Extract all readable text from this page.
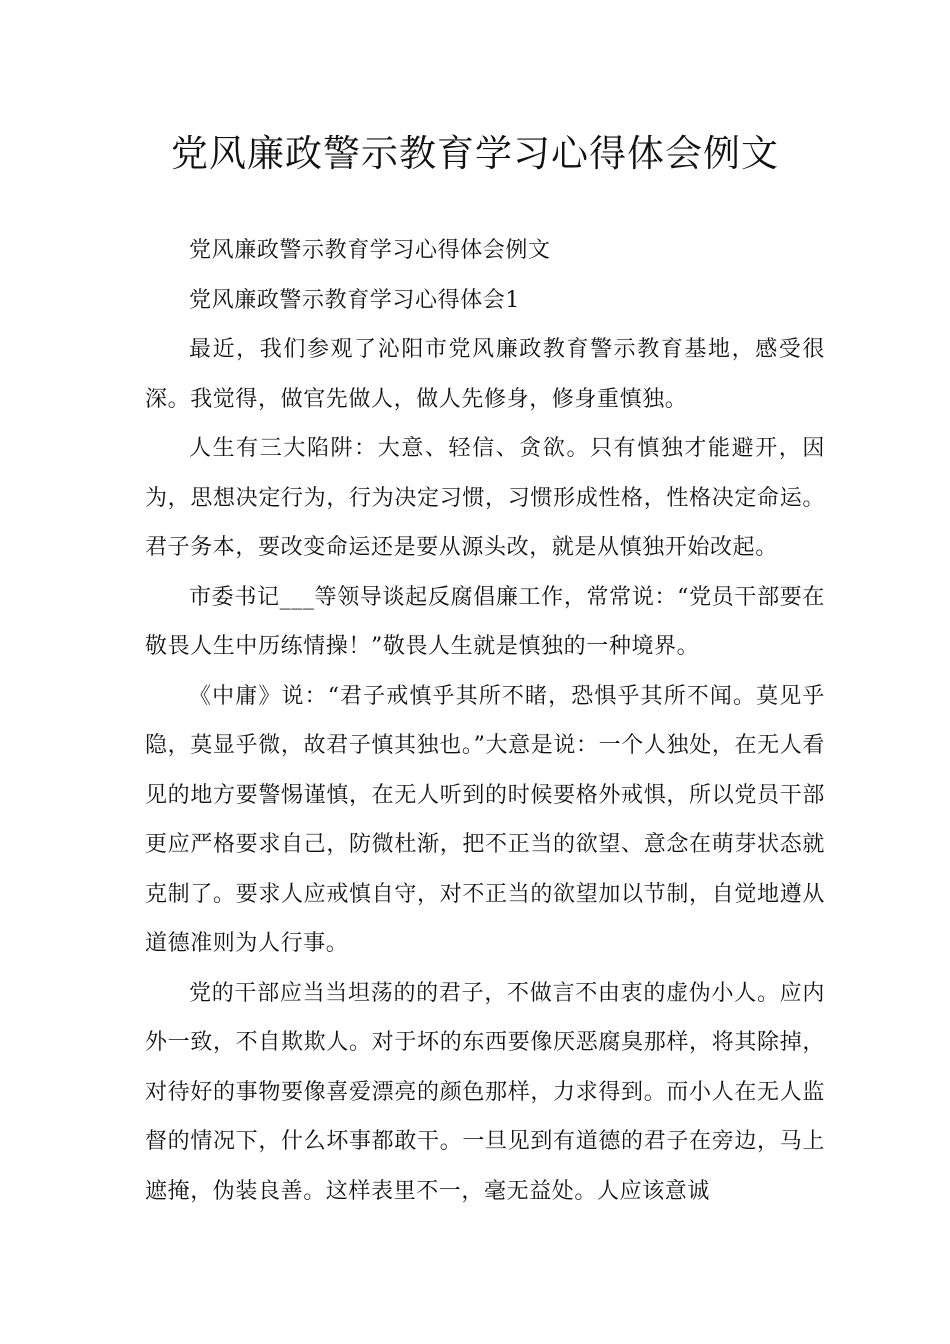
党风廉政警示教育学习心得体会例文

党风廉政警示教育学习心得体会例文

党风廉政警示教育学习心得体会1

最近，我们参观了沁阳市党风廉政教育警示教育基地，感受很深。我觉得，做官先做人，做人先修身，修身重慎独。

人生有三大陷阱：大意、轻信、贪欲。只有慎独才能避开，因为，思想决定行为，行为决定习惯，习惯形成性格，性格决定命运。君子务本，要改变命运还是要从源头改，就是从慎独开始改起。

市委书记___等领导谈起反腐倡廉工作，常常说：“党员干部要在敬畏人生中历练情操！”敬畏人生就是慎独的一种境界。

《中庸》说：“君子戒慎乎其所不睹，恐惧乎其所不闻。莫见乎隐，莫显乎微，故君子慎其独也。”大意是说：一个人独处，在无人看见的地方要警惕谨慎，在无人听到的时候要格外戒惧，所以党员干部更应严格要求自己，防微杜渐，把不正当的欲望、意念在萌芽状态就克制了。要求人应戒慎自守，对不正当的欲望加以节制，自觉地遵从道德准则为人行事。

党的干部应当当坦荡的的君子，不做言不由衷的虚伪小人。应内外一致，不自欺欺人。对于坏的东西要像厌恶腐臭那样，将其除掉，对待好的事物要像喜爱漂亮的颜色那样，力求得到。而小人在无人监督的情况下，什么坏事都敢干。一旦见到有道德的君子在旁边，马上遮掩，伪装良善。这样表里不一，毫无益处。人应该意诚
